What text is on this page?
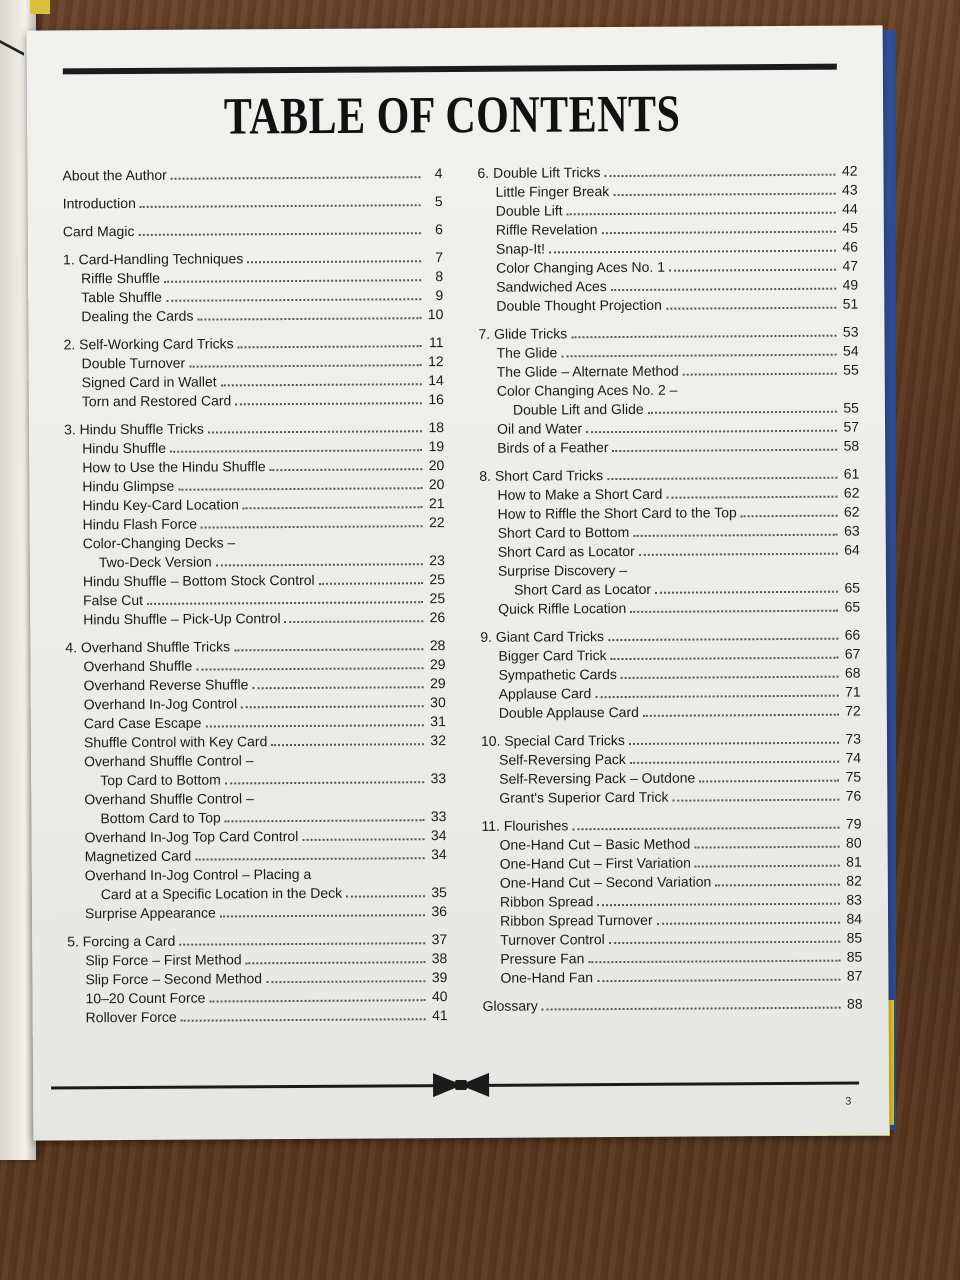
TABLE OF CONTENTS
About the Author	4
Introduction	5
Card Magic	6
1. Card-Handling Techniques	7
Riffle Shuffle	8
Table Shuffle	9
Dealing the Cards	10
2. Self-Working Card Tricks	11
Double Turnover	12
Signed Card in Wallet	14
Torn and Restored Card	16
3. Hindu Shuffle Tricks	18
Hindu Shuffle	19
How to Use the Hindu Shuffle	20
Hindu Glimpse	20
Hindu Key-Card Location	21
Hindu Flash Force	22
Color-Changing Decks –
Two-Deck Version	23
Hindu Shuffle – Bottom Stock Control	25
False Cut	25
Hindu Shuffle – Pick-Up Control	26
4. Overhand Shuffle Tricks	28
Overhand Shuffle	29
Overhand Reverse Shuffle	29
Overhand In-Jog Control	30
Card Case Escape	31
Shuffle Control with Key Card	32
Overhand Shuffle Control –
Top Card to Bottom	33
Overhand Shuffle Control –
Bottom Card to Top	33
Overhand In-Jog Top Card Control	34
Magnetized Card	34
Overhand In-Jog Control – Placing a
Card at a Specific Location in the Deck	35
Surprise Appearance	36
5. Forcing a Card	37
Slip Force – First Method	38
Slip Force – Second Method	39
10–20 Count Force	40
Rollover Force	41
6. Double Lift Tricks	42
Little Finger Break	43
Double Lift	44
Riffle Revelation	45
Snap-It!	46
Color Changing Aces No. 1	47
Sandwiched Aces	49
Double Thought Projection	51
7. Glide Tricks	53
The Glide	54
The Glide – Alternate Method	55
Color Changing Aces No. 2 –
Double Lift and Glide	55
Oil and Water	57
Birds of a Feather	58
8. Short Card Tricks	61
How to Make a Short Card	62
How to Riffle the Short Card to the Top	62
Short Card to Bottom	63
Short Card as Locator	64
Surprise Discovery –
Short Card as Locator	65
Quick Riffle Location	65
9. Giant Card Tricks	66
Bigger Card Trick	67
Sympathetic Cards	68
Applause Card	71
Double Applause Card	72
10. Special Card Tricks	73
Self-Reversing Pack	74
Self-Reversing Pack – Outdone	75
Grant's Superior Card Trick	76
11. Flourishes	79
One-Hand Cut – Basic Method	80
One-Hand Cut – First Variation	81
One-Hand Cut – Second Variation	82
Ribbon Spread	83
Ribbon Spread Turnover	84
Turnover Control	85
Pressure Fan	85
One-Hand Fan	87
Glossary	88
3
